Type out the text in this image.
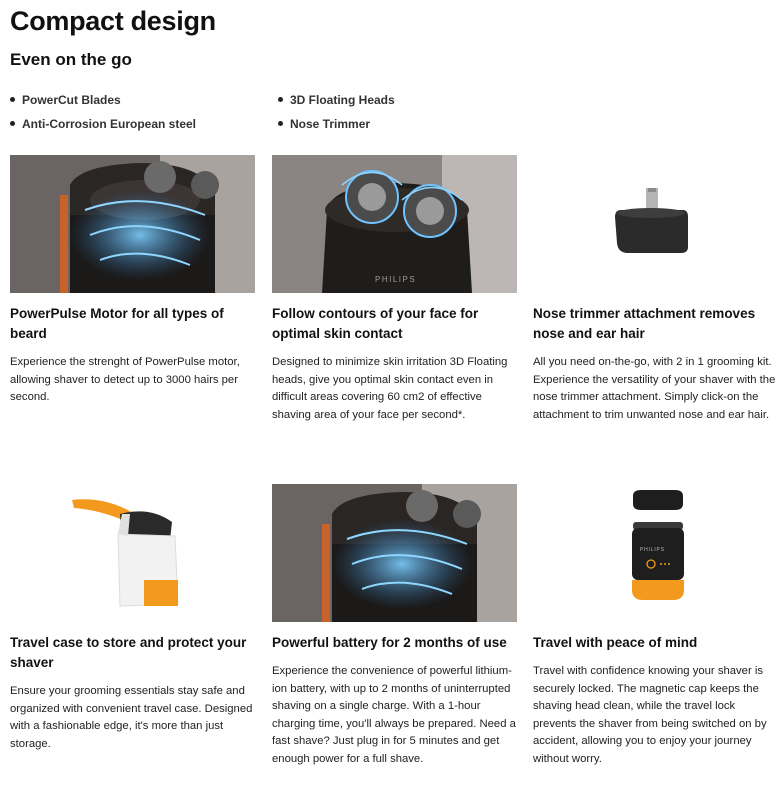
Compact design
Even on the go
PowerCut Blades
Anti-Corrosion European steel
3D Floating Heads
Nose Trimmer
PowerPulse Motor for all types of beard

Experience the strenght of PowerPulse motor, allowing shaver to detect up to 3000 hairs per second.

PHILIPS
Follow contours of your face for optimal skin contact

Designed to minimize skin irritation 3D Floating heads, give you optimal skin contact even in difficult areas covering 60 cm2 of effective shaving area of your face per second*.

Nose trimmer attachment removes nose and ear hair

All you need on-the-go, with 2 in 1 grooming kit. Experience the versatility of your shaver with the nose trimmer attachment. Simply click-on the attachment to trim unwanted nose and ear hair.

Travel case to store and protect your shaver

Ensure your grooming essentials stay safe and organized with convenient travel case. Designed with a fashionable edge, it's more than just storage.

Powerful battery for 2 months of use

Experience the convenience of powerful lithium-ion battery, with up to 2 months of uninterrupted shaving on a single charge. With a 1-hour charging time, you'll always be prepared. Need a fast shave? Just plug in for 5 minutes and get enough power for a full shave.

PHILIPS
Travel with peace of mind

Travel with confidence knowing your shaver is securely locked. The magnetic cap keeps the shaving head clean, while the travel lock prevents the shaver from being switched on by accident, allowing you to enjoy your journey without worry.
